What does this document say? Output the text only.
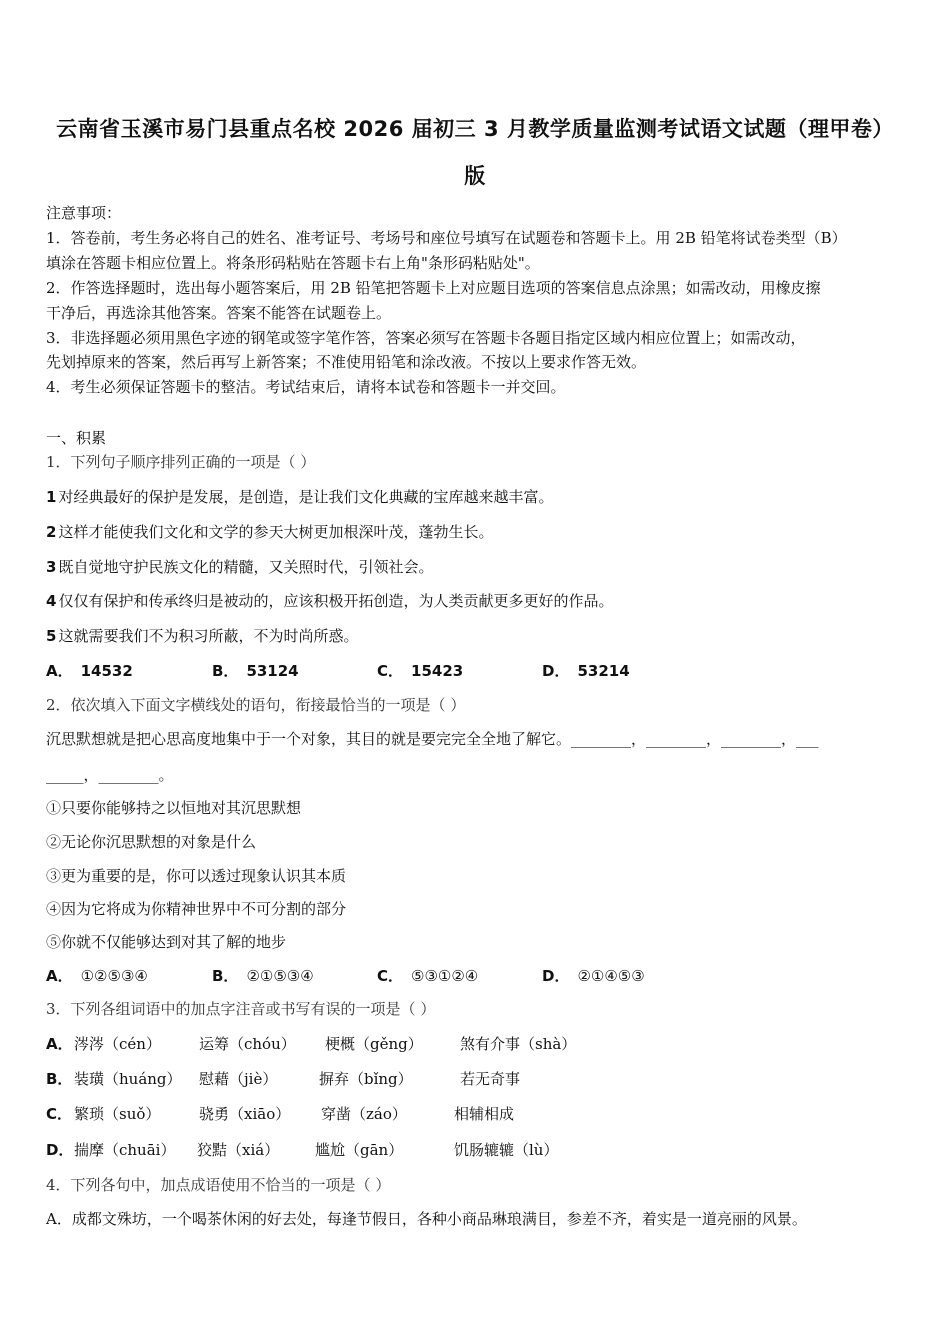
云南省玉溪市易门县重点名校 2026 届初三 3 月教学质量监测考试语文试题（理甲卷）
版
注意事项：
1．答卷前，考生务必将自己的姓名、准考证号、考场号和座位号填写在试题卷和答题卡上。用 2B 铅笔将试卷类型（B）
填涂在答题卡相应位置上。将条形码粘贴在答题卡右上角"条形码粘贴处"。
2．作答选择题时，选出每小题答案后，用 2B 铅笔把答题卡上对应题目选项的答案信息点涂黑；如需改动，用橡皮擦
干净后，再选涂其他答案。答案不能答在试题卷上。
3．非选择题必须用黑色字迹的钢笔或签字笔作答，答案必须写在答题卡各题目指定区域内相应位置上；如需改动，
先划掉原来的答案，然后再写上新答案；不准使用铅笔和涂改液。不按以上要求作答无效。
4．考生必须保证答题卡的整洁。考试结束后，请将本试卷和答题卡一并交回。
一、积累
1．下列句子顺序排列正确的一项是（ ）
1 对经典最好的保护是发展，是创造，是让我们文化典藏的宝库越来越丰富。
2 这样才能使我们文化和文学的参天大树更加根深叶茂，蓬勃生长。
3 既自觉地守护民族文化的精髓，又关照时代，引领社会。
4 仅仅有保护和传承终归是被动的，应该积极开拓创造，为人类贡献更多更好的作品。
5 这就需要我们不为积习所蔽，不为时尚所惑。
A． 14532	B． 53124	C． 15423	D． 53214
2．依次填入下面文字横线处的语句，衔接最恰当的一项是（ ）
沉思默想就是把心思高度地集中于一个对象，其目的就是要完完全全地了解它。________，________，________，___
_____，________。
①只要你能够持之以恒地对其沉思默想
②无论你沉思默想的对象是什么
③更为重要的是，你可以透过现象认识其本质
④因为它将成为你精神世界中不可分割的部分
⑤你就不仅能够达到对其了解的地步
A． ①②⑤③④	B． ②①⑤③④	C． ⑤③①②④	D． ②①④⑤③
3．下列各组词语中的加点字注音或书写有误的一项是（ ）
A． 涔涔（cén）	运筹（chóu） 梗概（gěng） 煞有介事（shà）
B． 装璜（huáng） 慰藉（jiè）	摒弃（bǐng）	若无奇事
C． 繁琐（suǒ）	骁勇（xiāo） 穿凿（záo）	相辅相成
D． 揣摩（chuāi） 狡黠（xiá） 尴尬（gān）	饥肠辘辘（lù）
4．下列各句中，加点成语使用不恰当的一项是（ ）
A．成都文殊坊，一个喝茶休闲的好去处，每逢节假日，各种小商品琳琅满目，参差不齐，着实是一道亮丽的风景。
